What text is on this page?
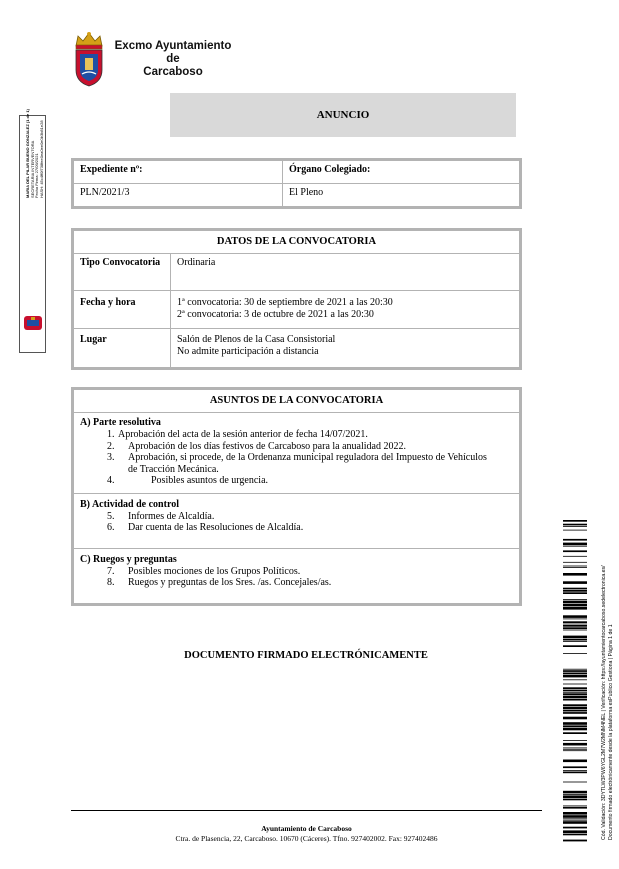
Excmo Ayuntamiento
de
Carcaboso
ANUNCIO
MARIA DEL PILAR BUENO GONZALEZ (1 de 1) SECRETARIA INTERVENTORA Fecha Firma: 27/09/2021 HASH: 45c4ff0f738fee0ea0ee0e0b3b81e28	Expediente nº:	Órgano Colegiado:
PLN/2021/3	El Pleno
DATOS DE LA CONVOCATORIA	
Tipo Convocatoria	Ordinaria
Fecha y hora	1ª convocatoria: 30 de septiembre de 2021 a las 20:30
2ª convocatoria: 3 de octubre de 2021 a las 20:30

Lugar	Salón de Plenos de la Casa Consistorial
No admite participación a distancia
ASUNTOS DE LA CONVOCATORIA

A) Parte resolutiva

1. Aprobación del acta de la sesión anterior de fecha 14/07/2021.
2.	Aprobación de los días festivos de Carcaboso para la anualidad 2022.
3.	Aprobación, si procede, de la Ordenanza municipal reguladora del Impuesto de Vehículos de Tracción Mecánica.
4.	Posibles asuntos de urgencia.

B) Actividad de control

5.	Informes de Alcaldía.
6.	Dar cuenta de las Resoluciones de Alcaldía.

C) Ruegos y preguntas

7.	Posibles mociones de los Grupos Políticos.
8.	Ruegos y preguntas de los Sres. /as. Concejales/as.
DOCUMENTO FIRMADO ELECTRÓNICAMENTE
Ayuntamiento de Carcaboso
Ctra. de Plasencia, 22, Carcaboso. 10670 (Cáceres). Tfno. 927402002. Fax: 927402486	Cód. Validación: 3DYTLW3PW6YGL2M7W2MNM4NEL | Verificación: https://ayuntamientocarcaboso.sedelectronica.es/ Documento firmado electrónicamente desde la plataforma esPublico Gestiona | Página 1 de 1
